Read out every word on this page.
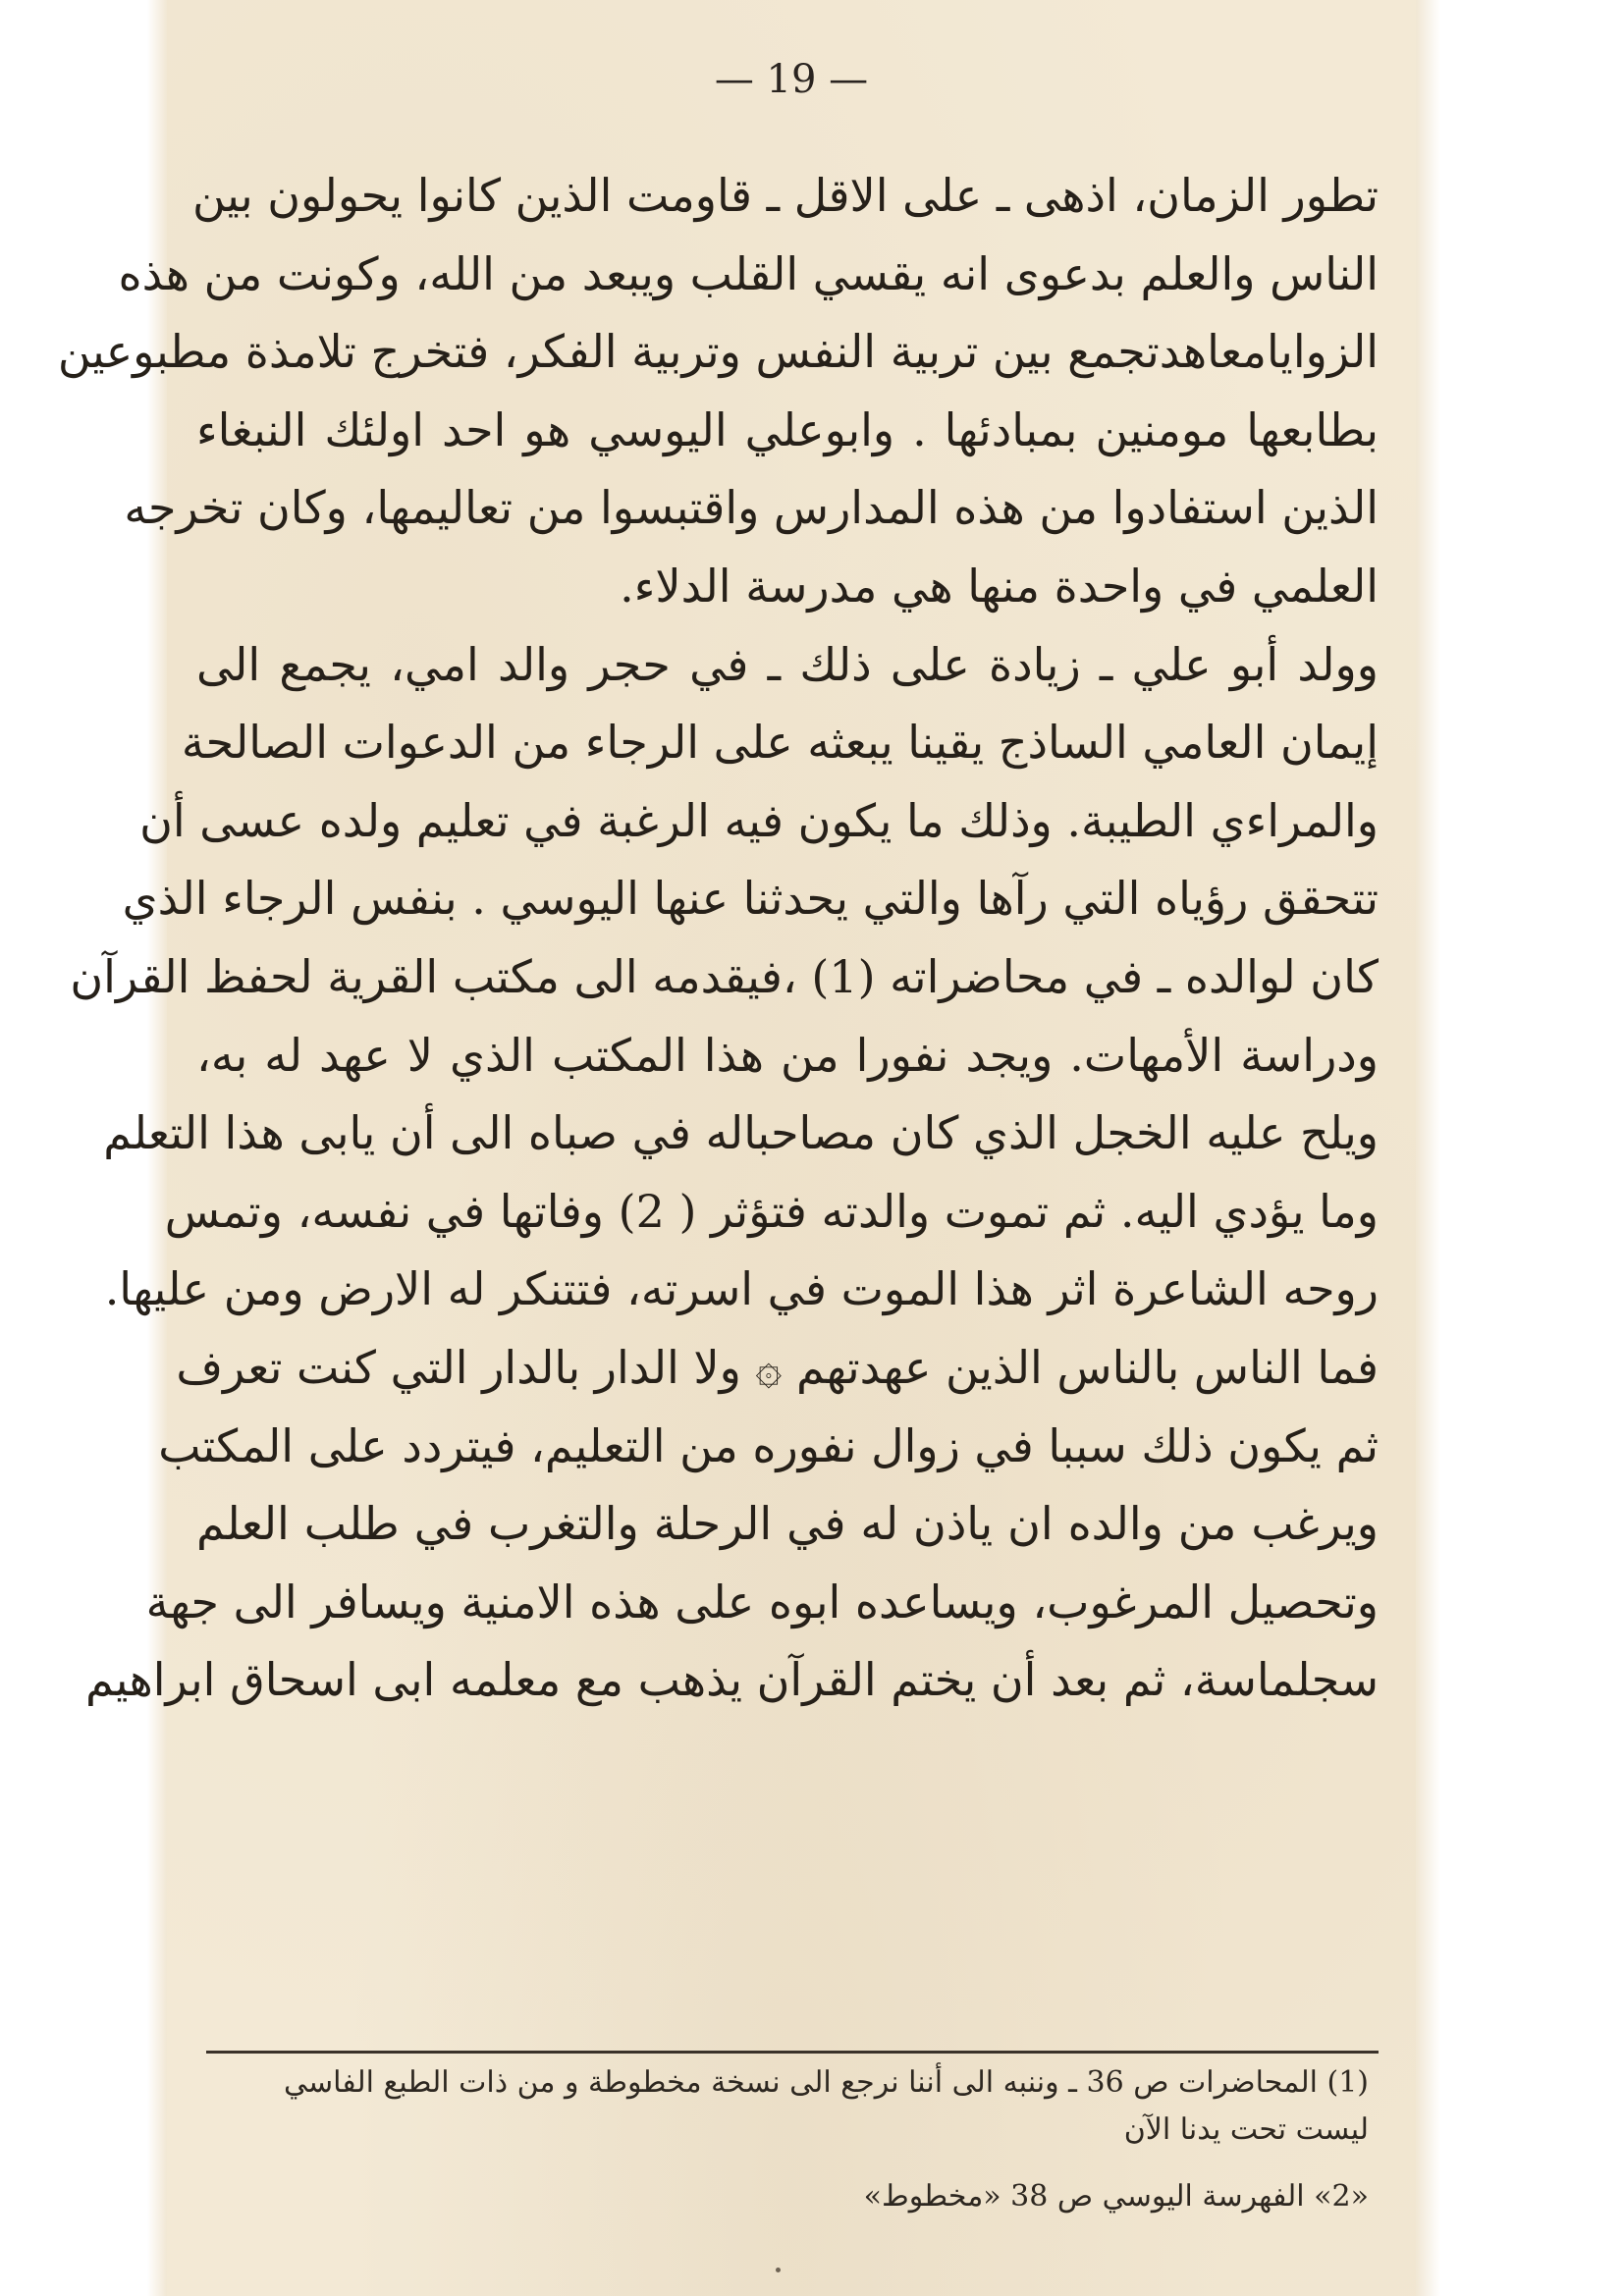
— 19 —
تطور الزمان، اذهى ـ على الاقل ـ قاومت الذين كانوا يحولون بين
الناس والعلم بدعوى انه يقسي القلب ويبعد من الله، وكونت من هذه
الزوايامعاهدتجمع بين تربية النفس وتربية الفكر، فتخرج تلامذة مطبوعين
بطابعها مومنين بمبادئها . وابوعلي اليوسي هو احد اولئك النبغاء
الذين استفادوا من هذه المدارس واقتبسوا من تعاليمها، وكان تخرجه
العلمي في واحدة منها هي مدرسة الدلاء.
وولد أبو علي ـ زيادة على ذلك ـ في حجر والد امي، يجمع الى
إيمان العامي الساذج يقينا يبعثه على الرجاء من الدعوات الصالحة
والمراءي الطيبة. وذلك ما يكون فيه الرغبة في تعليم ولده عسى أن
تتحقق رؤياه التي رآها والتي يحدثنا عنها اليوسي . بنفس الرجاء الذي
كان لوالده ـ في محاضراته (1) ،فيقدمه الى مكتب القرية لحفظ القرآن
ودراسة الأمهات. ويجد نفورا من هذا المكتب الذي لا عهد له به،
ويلح عليه الخجل الذي كان مصاحباله في صباه الى أن يابى هذا التعلم
وما يؤدي اليه. ثم تموت والدته فتؤثر ( 2) وفاتها في نفسه، وتمس
روحه الشاعرة اثر هذا الموت في اسرته، فتتنكر له الارض ومن عليها.
فما الناس بالناس الذين عهدتهم ۞ ولا الدار بالدار التي كنت تعرف
ثم يكون ذلك سببا في زوال نفوره من التعليم، فيتردد على المكتب
ويرغب من والده ان ياذن له في الرحلة والتغرب في طلب العلم
وتحصيل المرغوب، ويساعده ابوه على هذه الامنية ويسافر الى جهة
سجلماسة، ثم بعد أن يختم القرآن يذهب مع معلمه ابى اسحاق ابراهيم
(1) المحاضرات ص 36 ـ وننبه الى أننا نرجع الى نسخة مخطوطة و من ذات الطبع الفاسي
ليست تحت يدنا الآن
«2» الفهرسة اليوسي ص 38 «مخطوط»
